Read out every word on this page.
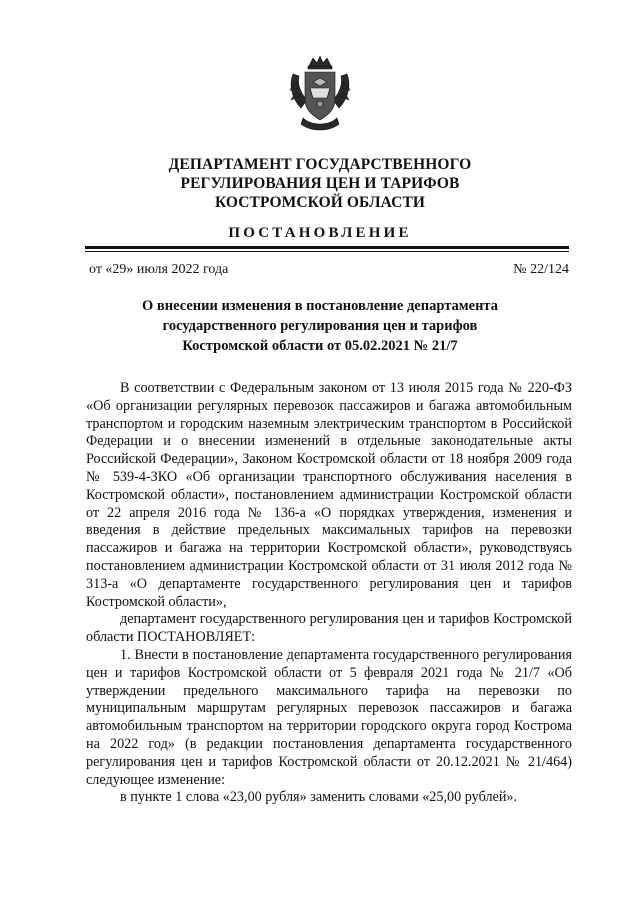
ДЕПАРТАМЕНТ ГОСУДАРСТВЕННОГО
РЕГУЛИРОВАНИЯ ЦЕН И ТАРИФОВ
КОСТРОМСКОЙ ОБЛАСТИ
ПОСТАНОВЛЕНИЕ
от «29» июля 2022 года	№ 22/124
О внесении изменения в постановление департамента
государственного регулирования цен и тарифов
Костромской области от 05.02.2021 № 21/7

В соответствии с Федеральным законом от 13 июля 2015 года № 220-ФЗ «Об организации регулярных перевозок пассажиров и багажа автомобильным транспортом и городским наземным электрическим транспортом в Российской Федерации и о внесении изменений в отдельные законодательные акты Российской Федерации», Законом Костромской области от 18 ноября 2009 года № 539-4-ЗКО «Об организации транспортного обслуживания населения в Костромской области», постановлением администрации Костромской области от 22 апреля 2016 года № 136-а «О порядках утверждения, изменения и введения в действие предельных максимальных тарифов на перевозки пассажиров и багажа на территории Костромской области», руководствуясь постановлением администрации Костромской области от 31 июля 2012 года № 313-а «О департаменте государственного регулирования цен и тарифов Костромской области»,

департамент государственного регулирования цен и тарифов Костромской области ПОСТАНОВЛЯЕТ:

1. Внести в постановление департамента государственного регулирования цен и тарифов Костромской области от 5 февраля 2021 года № 21/7 «Об утверждении предельного максимального тарифа на перевозки по муниципальным маршрутам регулярных перевозок пассажиров и багажа автомобильным транспортом на территории городского округа город Кострома на 2022 год» (в редакции постановления департамента государственного регулирования цен и тарифов Костромской области от 20.12.2021 № 21/464) следующее изменение:

в пункте 1 слова «23,00 рубля» заменить словами «25,00 рублей».
